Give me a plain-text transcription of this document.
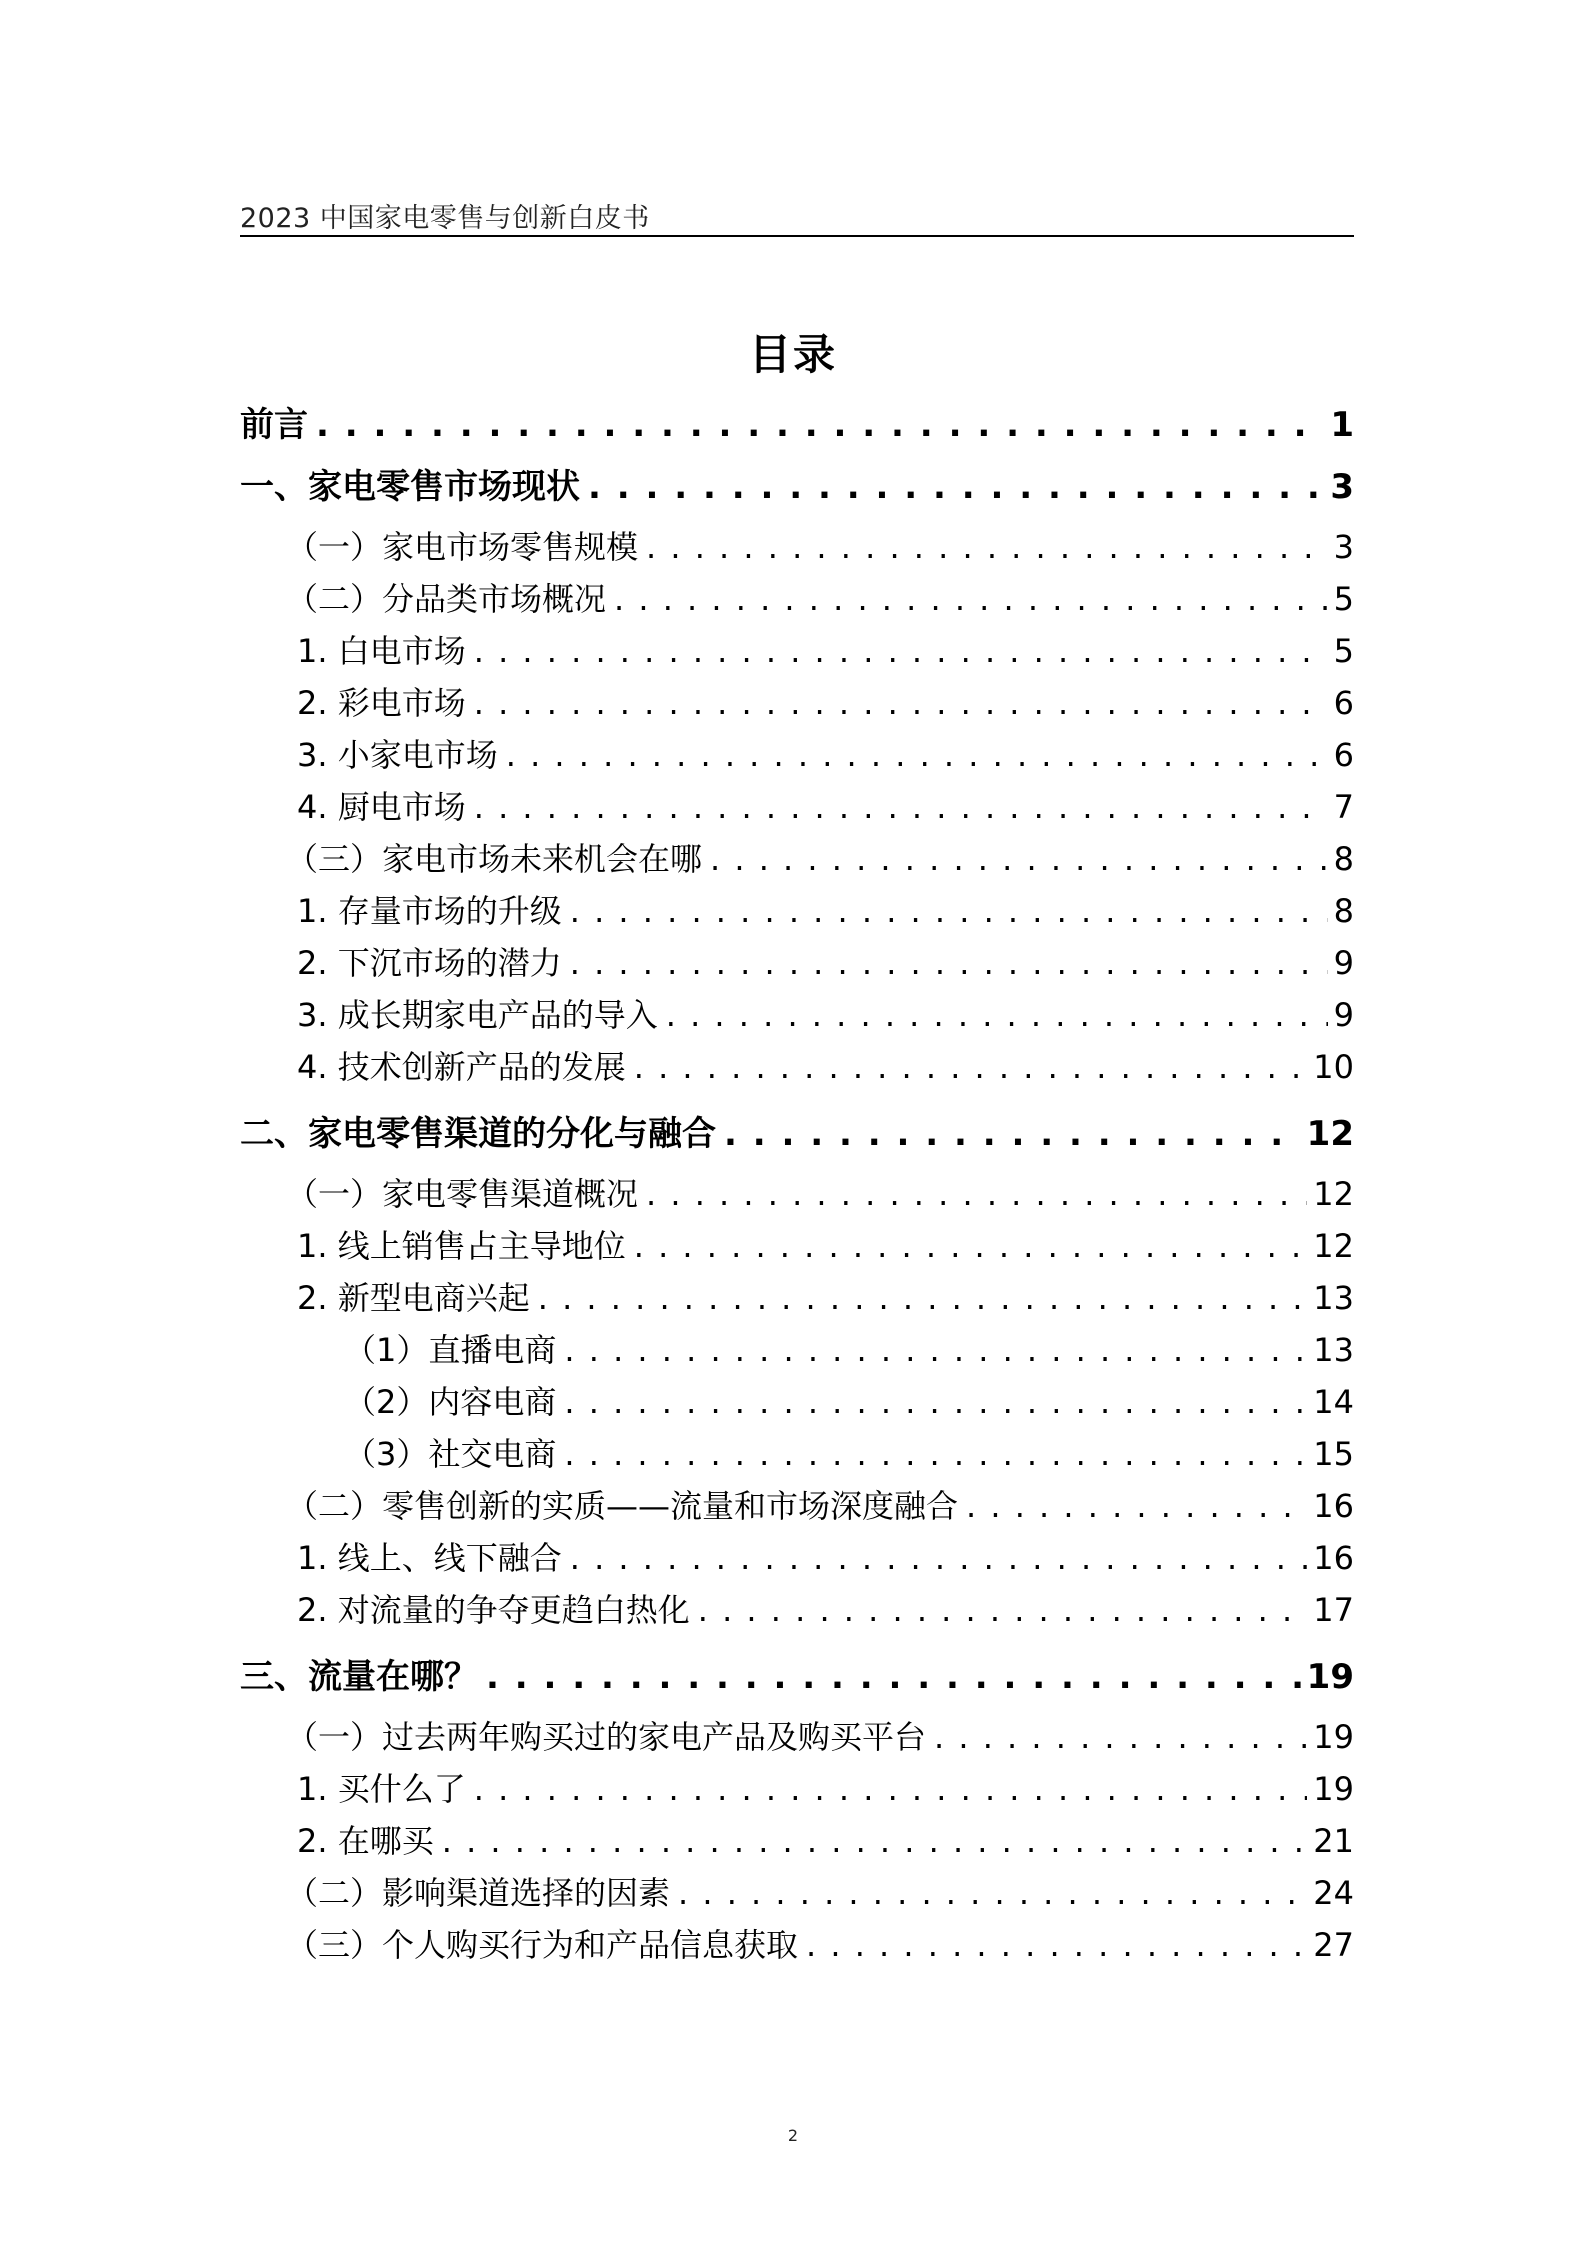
2023 中国家电零售与创新白皮书
目录
前言 . . .	1
一、家电零售市场现状 . . .	3
（一）家电市场零售规模 . . .	3
（二）分品类市场概况 . . .	5
1. 白电市场 . . .	5
2. 彩电市场 . . .	6
3. 小家电市场 . . .	6
4. 厨电市场 . . .	7
（三）家电市场未来机会在哪 . . .	8
1. 存量市场的升级 . . .	8
2. 下沉市场的潜力 . . .	9
3. 成长期家电产品的导入 . . .	9
4. 技术创新产品的发展 . . .	10
二、家电零售渠道的分化与融合 . . .	12
（一）家电零售渠道概况 . . .	12
1. 线上销售占主导地位 . . .	12
2. 新型电商兴起 . . .	13
（1）直播电商 . . .	13
（2）内容电商 . . .	14
（3）社交电商 . . .	15
（二）零售创新的实质——流量和市场深度融合 . . .	16
1. 线上、线下融合 . . .	16
2. 对流量的争夺更趋白热化 . . .	17
三、流量在哪？ . . .	19
（一）过去两年购买过的家电产品及购买平台 . . .	19
1. 买什么了 . . .	19
2. 在哪买 . . .	21
（二）影响渠道选择的因素 . . .	24
（三）个人购买行为和产品信息获取 . . .	27
2
